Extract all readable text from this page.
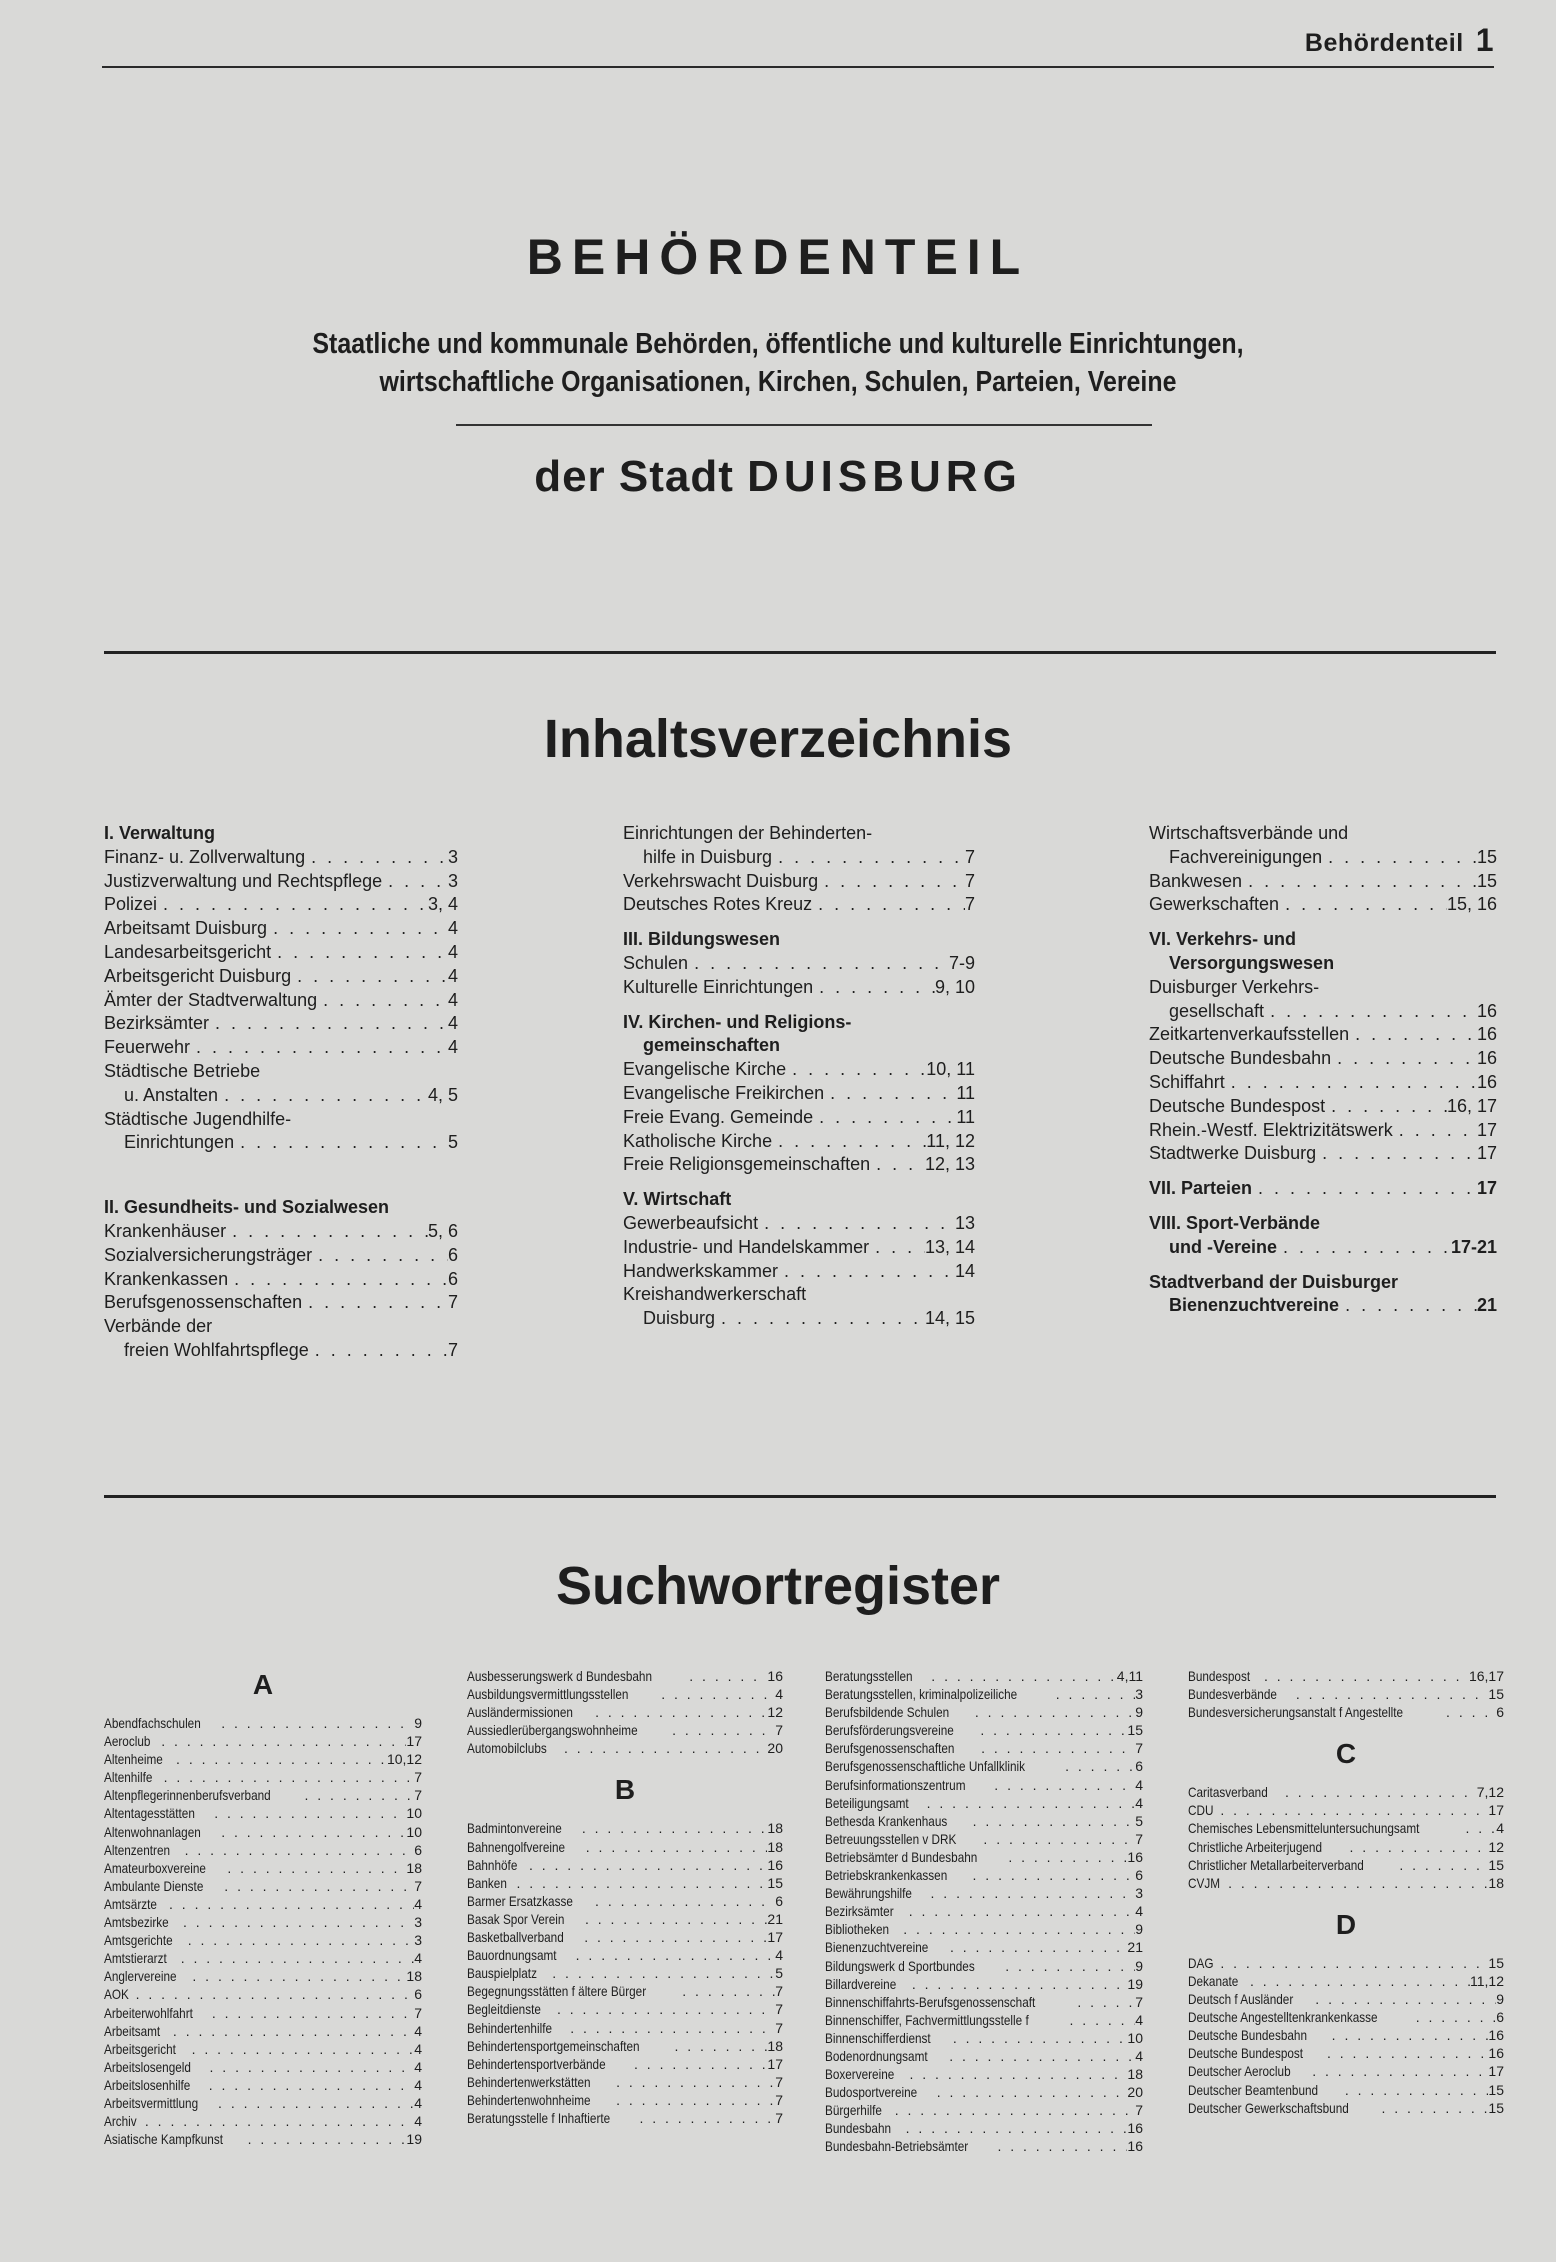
Behördenteil 1
BEHÖRDENTEIL
Staatliche und kommunale Behörden, öffentliche und kulturelle Einrichtungen,
wirtschaftliche Organisationen, Kirchen, Schulen, Parteien, Vereine
der Stadt DUISBURG
Inhaltsverzeichnis
I. Verwaltung
Finanz- u. Zollverwaltung . . .	3
Justizverwaltung und Rechtspflege . . .	3
Polizei . . .	3, 4
Arbeitsamt Duisburg . . .	4
Landesarbeitsgericht . . .	4
Arbeitsgericht Duisburg . . .	4
Ämter der Stadtverwaltung . . .	4
Bezirksämter . . .	4
Feuerwehr . . .	4
Städtische Betriebe
u. Anstalten . . .	4, 5
Städtische Jugendhilfe-
Einrichtungen . . .	5
II. Gesundheits- und Sozialwesen
Krankenhäuser . . .	5, 6
Sozialversicherungsträger . . .	6
Krankenkassen . . .	6
Berufsgenossenschaften . . .	7
Verbände der
freien Wohlfahrtspflege . . .	7
Einrichtungen der Behinderten-
hilfe in Duisburg . . .	7
Verkehrswacht Duisburg . . .	7
Deutsches Rotes Kreuz . . .	7
III. Bildungswesen
Schulen . . .	7-9
Kulturelle Einrichtungen . . .	9, 10
IV. Kirchen- und Religions-
gemeinschaften
Evangelische Kirche . . .	10, 11
Evangelische Freikirchen . . .	11
Freie Evang. Gemeinde . . .	11
Katholische Kirche . . .	11, 12
Freie Religionsgemeinschaften . . .	12, 13
V. Wirtschaft
Gewerbeaufsicht . . .	13
Industrie- und Handelskammer . . .	13, 14
Handwerkskammer . . .	14
Kreishandwerkerschaft
Duisburg . . .	14, 15
Wirtschaftsverbände und
Fachvereinigungen . . .	15
Bankwesen . . .	15
Gewerkschaften . . .	15, 16
VI. Verkehrs- und
Versorgungswesen
Duisburger Verkehrs-
gesellschaft . . .	16
Zeitkartenverkaufsstellen . . .	16
Deutsche Bundesbahn . . .	16
Schiffahrt . . .	16
Deutsche Bundespost . . .	16, 17
Rhein.-Westf. Elektrizitätswerk . . .	17
Stadtwerke Duisburg . . .	17
VII. Parteien . . .	17
VIII. Sport-Verbände
und -Vereine . . .	17-21
Stadtverband der Duisburger
Bienenzuchtvereine . . .	21
Suchwortregister
A
Abendfachschulen . . .	9
Aeroclub . . .	17
Altenheime . . .	10,12
Altenhilfe . . .	7
Altenpflegerinnenberufsverband . . .	7
Altentagesstätten . . .	10
Altenwohnanlagen . . .	10
Altenzentren . . .	6
Amateurboxvereine . . .	18
Ambulante Dienste . . .	7
Amtsärzte . . .	4
Amtsbezirke . . .	3
Amtsgerichte . . .	3
Amtstierarzt . . .	4
Anglervereine . . .	18
AOK . . .	6
Arbeiterwohlfahrt . . .	7
Arbeitsamt . . .	4
Arbeitsgericht . . .	4
Arbeitslosengeld . . .	4
Arbeitslosenhilfe . . .	4
Arbeitsvermittlung . . .	4
Archiv . . .	4
Asiatische Kampfkunst . . .	19
Ausbesserungswerk d Bundesbahn . . .	16
Ausbildungsvermittlungsstellen . . .	4
Ausländermissionen . . .	12
Aussiedlerübergangswohnheime . . .	7
Automobilclubs . . .	20
B
Badmintonvereine . . .	18
Bahnengolfvereine . . .	18
Bahnhöfe . . .	16
Banken . . .	15
Barmer Ersatzkasse . . .	6
Basak Spor Verein . . .	21
Basketballverband . . .	17
Bauordnungsamt . . .	4
Bauspielplatz . . .	5
Begegnungsstätten f ältere Bürger . . .	7
Begleitdienste . . .	7
Behindertenhilfe . . .	7
Behindertensportgemeinschaften . . .	18
Behindertensportverbände . . .	17
Behindertenwerkstätten . . .	7
Behindertenwohnheime . . .	7
Beratungsstelle f Inhaftierte . . .	7
Beratungsstellen . . .	4,11
Beratungsstellen, kriminalpolizeiliche . . .	3
Berufsbildende Schulen . . .	9
Berufsförderungsvereine . . .	15
Berufsgenossenschaften . . .	7
Berufsgenossenschaftliche Unfallklinik . . .	6
Berufsinformationszentrum . . .	4
Beteiligungsamt . . .	4
Bethesda Krankenhaus . . .	5
Betreuungsstellen v DRK . . .	7
Betriebsämter d Bundesbahn . . .	16
Betriebskrankenkassen . . .	6
Bewährungshilfe . . .	3
Bezirksämter . . .	4
Bibliotheken . . .	9
Bienenzuchtvereine . . .	21
Bildungswerk d Sportbundes . . .	9
Billardvereine . . .	19
Binnenschiffahrts-Berufsgenossenschaft . . .	7
Binnenschiffer, Fachvermittlungsstelle f . . .	4
Binnenschifferdienst . . .	10
Bodenordnungsamt . . .	4
Boxervereine . . .	18
Budosportvereine . . .	20
Bürgerhilfe . . .	7
Bundesbahn . . .	16
Bundesbahn-Betriebsämter . . .	16
Bundespost . . .	16,17
Bundesverbände . . .	15
Bundesversicherungsanstalt f Angestellte . . .	6
C
Caritasverband . . .	7,12
CDU . . .	17
Chemisches Lebensmitteluntersuchungsamt . . .	4
Christliche Arbeiterjugend . . .	12
Christlicher Metallarbeiterverband . . .	15
CVJM . . .	18
D
DAG . . .	15
Dekanate . . .	11,12
Deutsch f Ausländer . . .	9
Deutsche Angestelltenkrankenkasse . . .	6
Deutsche Bundesbahn . . .	16
Deutsche Bundespost . . .	16
Deutscher Aeroclub . . .	17
Deutscher Beamtenbund . . .	15
Deutscher Gewerkschaftsbund . . .	15
